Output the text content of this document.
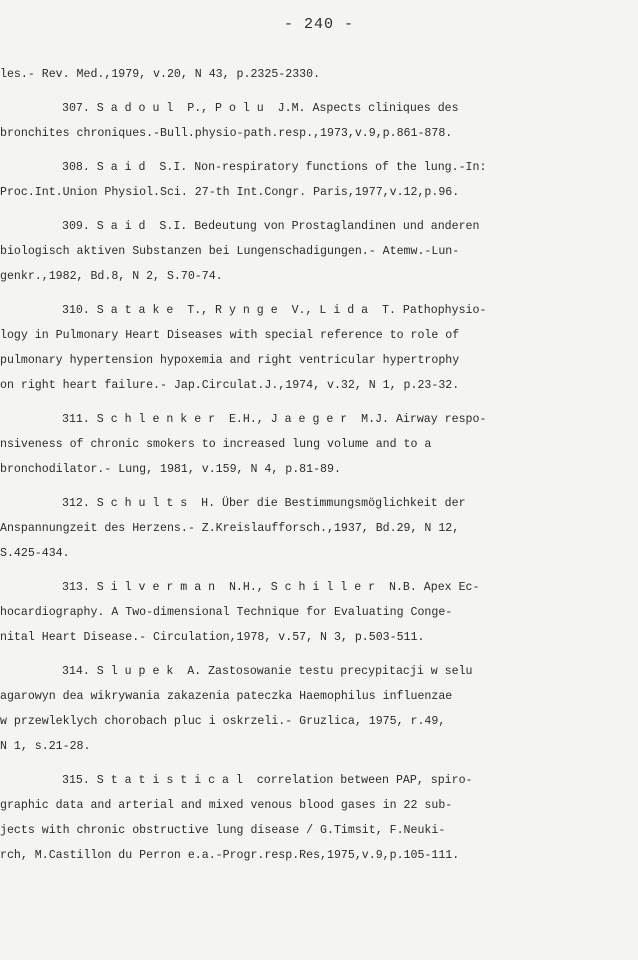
- 240 -
les.- Rev. Med.,1979, v.20, N 43, p.2325-2330.
307. S a d o u l  P., P o l u  J.M. Aspects cliniques des
bronchites chroniques.-Bull.physio-path.resp.,1973,v.9,p.861-878.
308. S a i d  S.I. Non-respiratory functions of the lung.-In:
Proc.Int.Union Physiol.Sci. 27-th Int.Congr. Paris,1977,v.12,p.96.
309. S a i d  S.I. Bedeutung von Prostaglandinen und anderen
biologisch aktiven Substanzen bei Lungenschadigungen.- Atemw.-Lun-
genkr.,1982, Bd.8, N 2, S.70-74.
310. S a t a k e  T., R y n g e  V., L i d a  T. Pathophysio-
logy in Pulmonary Heart Diseases with special reference to role of
pulmonary hypertension hypoxemia and right ventricular hypertrophy
on right heart failure.- Jap.Circulat.J.,1974, v.32, N 1, p.23-32.
311. S c h l e n k e r  E.H., J a e g e r  M.J. Airway respo-
nsiveness of chronic smokers to increased lung volume and to a
bronchodilator.- Lung, 1981, v.159, N 4, p.81-89.
312. S c h u l t s  H. Über die Bestimmungsmöglichkeit der
Anspannungzeit des Herzens.- Z.Kreislaufforsch.,1937, Bd.29, N 12,
S.425-434.
313. S i l v e r m a n  N.H., S c h i l l e r  N.B. Apex Ec-
hocardiography. A Two-dimensional Technique for Evaluating Conge-
nital Heart Disease.- Circulation,1978, v.57, N 3, p.503-511.
314. S l u p e k  A. Zastosowanie testu precypitacji w selu
agarowyn dea wikrywania zakazenia pateczka Haemophilus influenzae
w przewleklych chorobach pluc i oskrzeli.- Gruzlica, 1975, r.49,
N 1, s.21-28.
315. S t a t i s t i c a l  correlation between PAP, spiro-
graphic data and arterial and mixed venous blood gases in 22 sub-
jects with chronic obstructive lung disease / G.Timsit, F.Neuki-
rch, M.Castillon du Perron e.a.-Progr.resp.Res,1975,v.9,p.105-111.
